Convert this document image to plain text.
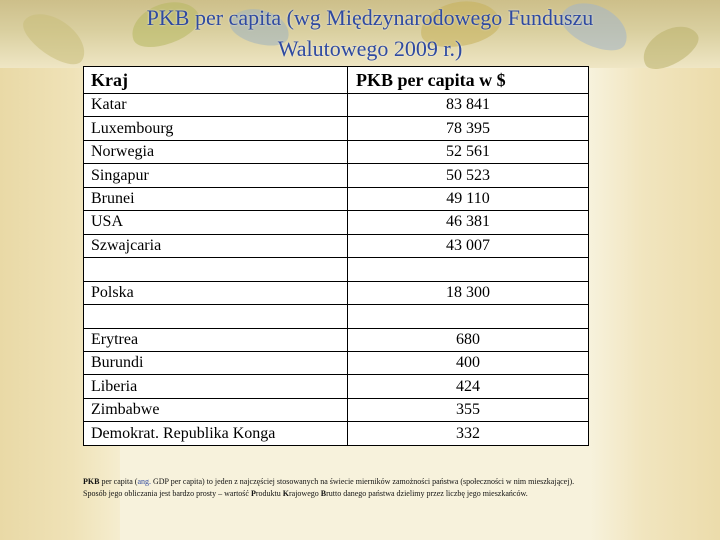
PKB per capita (wg Międzynarodowego Funduszu
Walutowego 2009 r.)
Kraj	PKB per capita w $
Katar	83 841
Luxembourg	78 395
Norwegia	52 561
Singapur	50 523
Brunei	49 110
USA	46 381
Szwajcaria	43 007

Polska	18 300

Erytrea	680
Burundi	400
Liberia	424
Zimbabwe	355
Demokrat. Republika Konga	332
PKB per capita (ang. GDP per capita) to jeden z najczęściej stosowanych na świecie mierników zamożności państwa (społeczności w nim mieszkającej). Sposób jego obliczania jest bardzo prosty – wartość Produktu Krajowego Brutto danego państwa dzielimy przez liczbę jego mieszkańców.
